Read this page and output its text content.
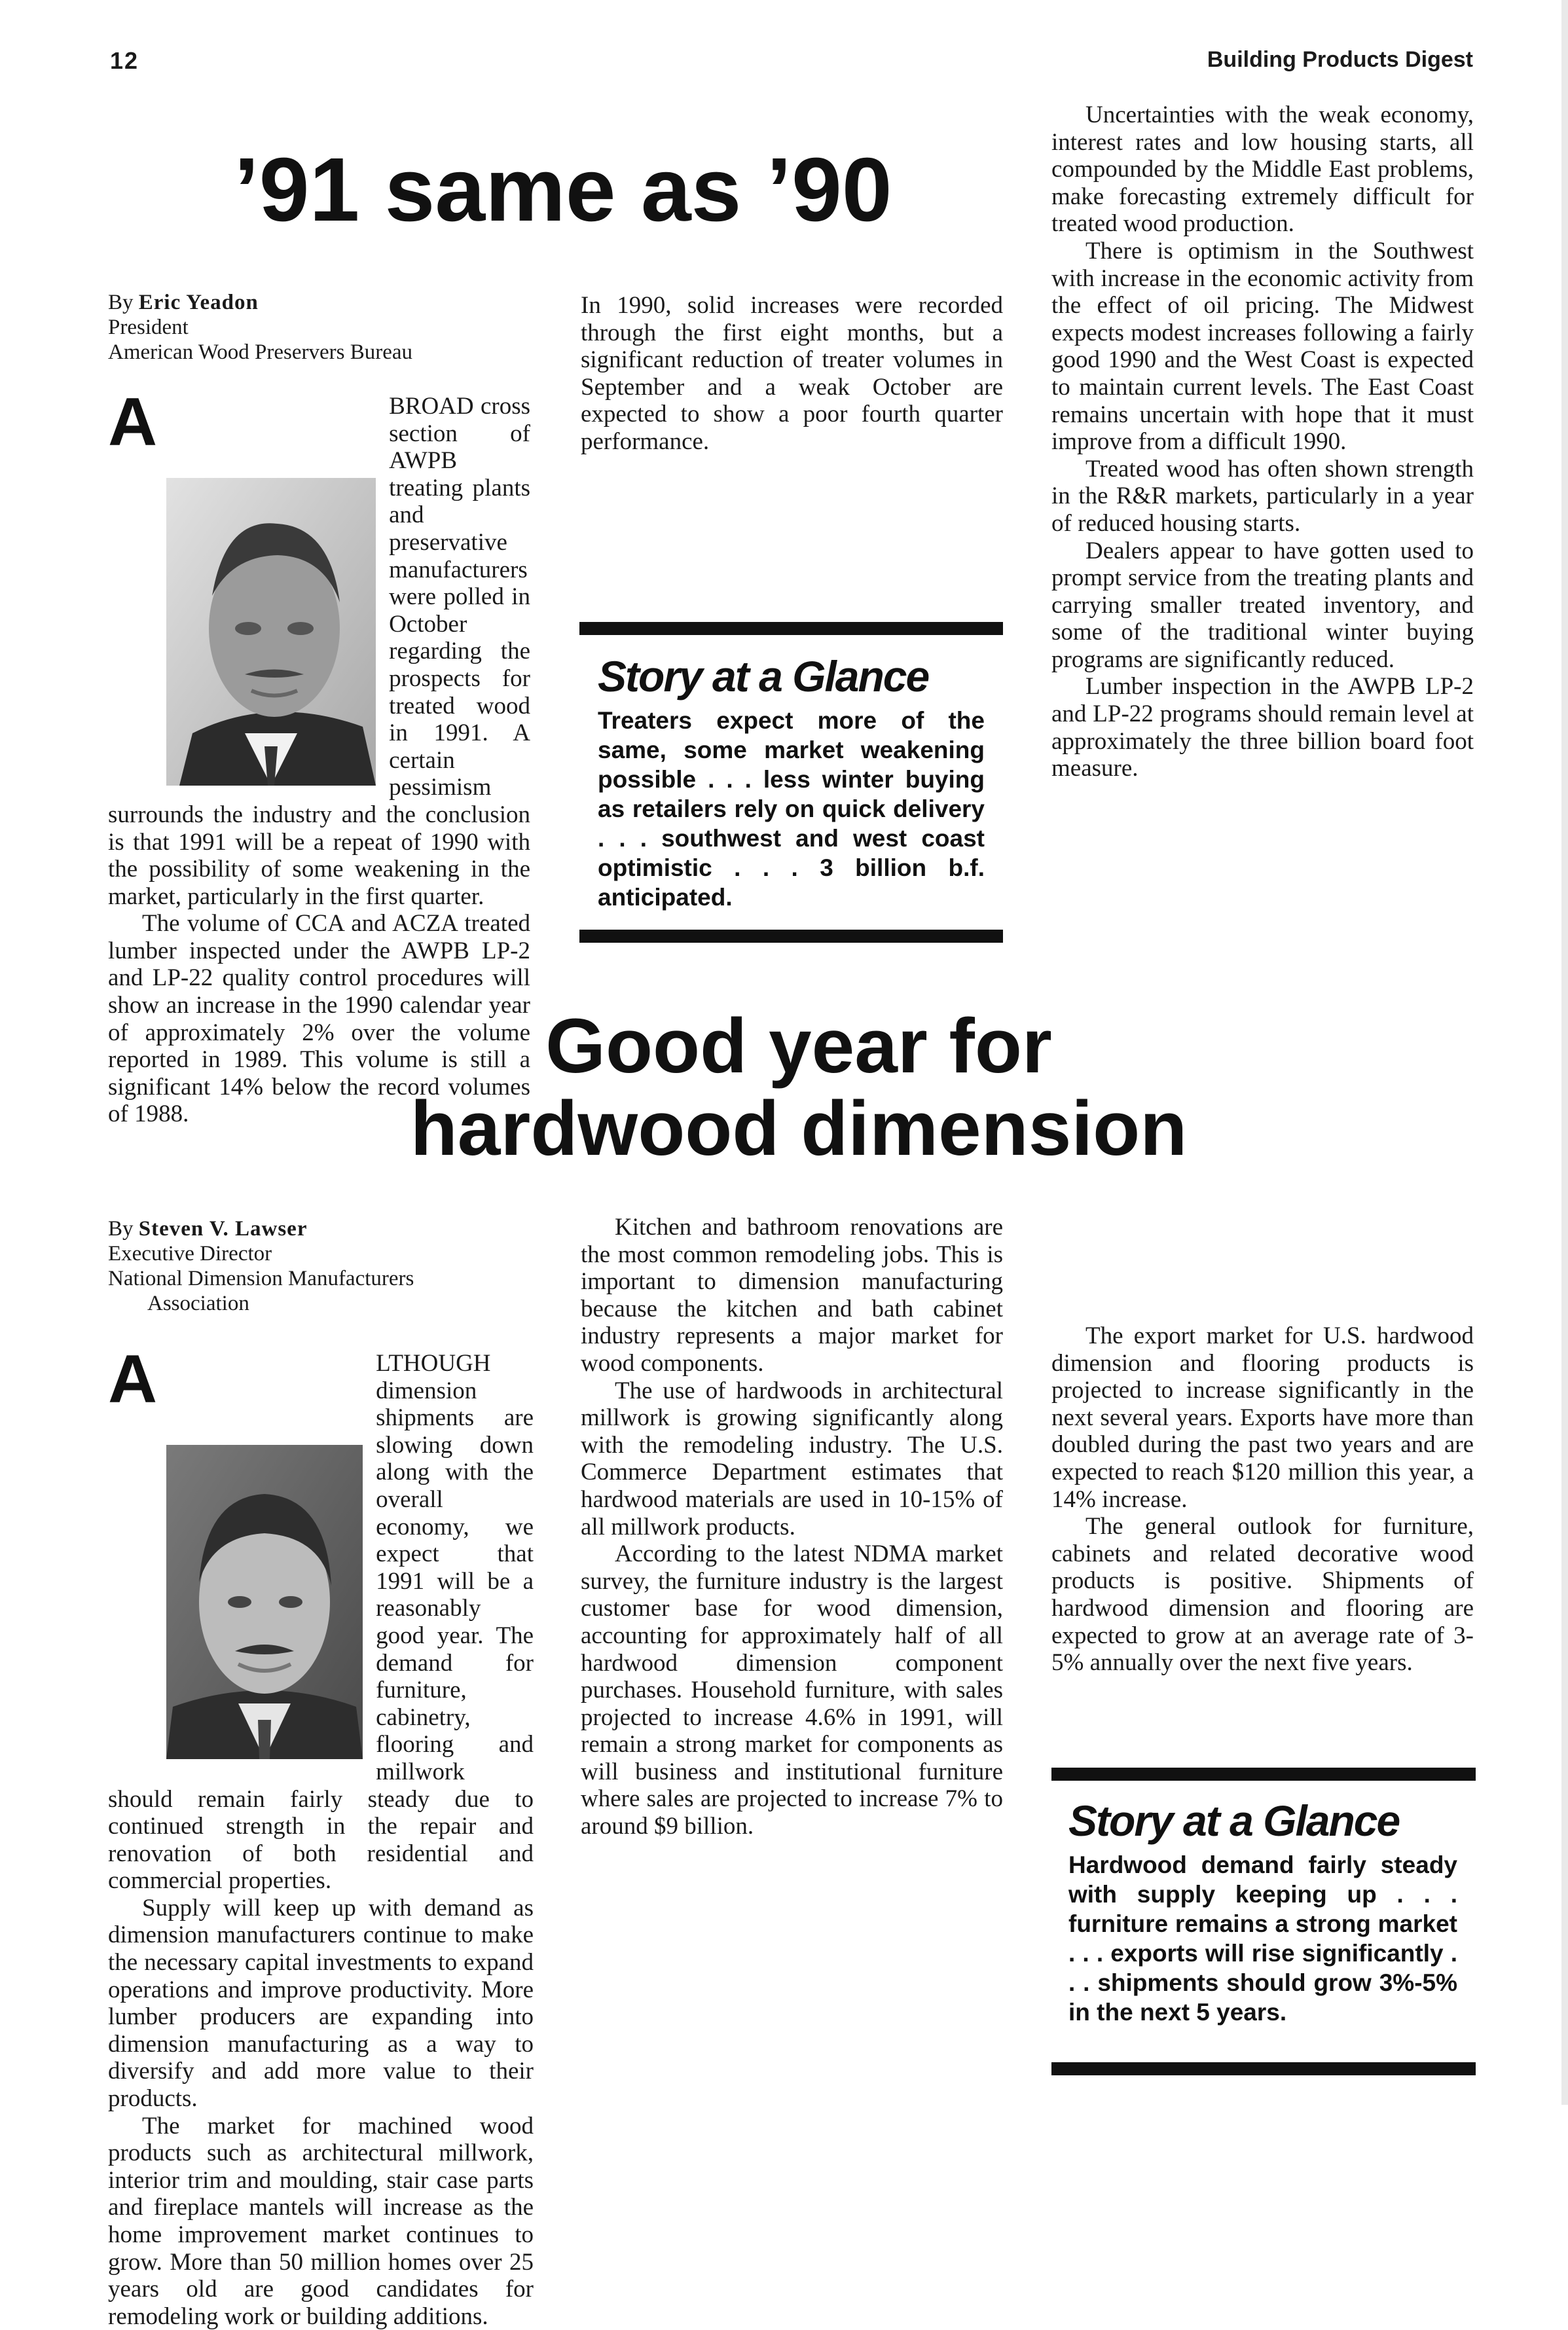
12	Building Products Digest
’91 same as ’90
By Eric Yeadon
President
American Wood Preservers Bureau

A	BROAD cross section of AWPB treating plants and preservative manufacturers were polled in October regarding the prospects for treated wood in 1991. A certain pessimism surrounds the industry and the conclusion is that 1991 will be a repeat of 1990 with the possibility of some weakening in the market, particularly in the first quarter.

The volume of CCA and ACZA treated lumber inspected under the AWPB LP-2 and LP-22 quality control procedures will show an increase in the 1990 calendar year of approximately 2% over the volume reported in 1989. This volume is still a significant 14% below the record volumes of 1988.

In 1990, solid increases were recorded through the first eight months, but a significant reduction of treater volumes in September and a weak October are expected to show a poor fourth quarter performance.

Story at a Glance
Treaters expect more of the same, some market weakening possible . . . less winter buying as retailers rely on quick delivery . . . southwest and west coast optimistic . . . 3 billion b.f. anticipated.

Uncertainties with the weak economy, interest rates and low housing starts, all compounded by the Middle East problems, make forecasting extremely difficult for treated wood production.

There is optimism in the Southwest with increase in the economic activity from the effect of oil pricing. The Midwest expects modest increases following a fairly good 1990 and the West Coast is expected to maintain current levels. The East Coast remains uncertain with hope that it must improve from a difficult 1990.

Treated wood has often shown strength in the R&R markets, particularly in a year of reduced housing starts.

Dealers appear to have gotten used to prompt service from the treating plants and carrying smaller treated inventory, and some of the traditional winter buying programs are significantly reduced.

Lumber inspection in the AWPB LP-2 and LP-22 programs should remain level at approximately the three billion board foot measure.

Good year for
hardwood dimension
By Steven V. Lawser
Executive Director
National Dimension Manufacturers
Association

A	LTHOUGH dimension shipments are slowing down along with the overall economy, we expect that 1991 will be a reasonably good year. The demand for furniture, cabinetry, flooring and millwork should remain fairly steady due to continued strength in the repair and renovation of both residential and commercial properties.

Supply will keep up with demand as dimension manufacturers continue to make the necessary capital investments to expand operations and improve productivity. More lumber producers are expanding into dimension manufacturing as a way to diversify and add more value to their products.

The market for machined wood products such as architectural millwork, interior trim and moulding, stair case parts and fireplace mantels will increase as the home improvement market continues to grow. More than 50 million homes over 25 years old are good candidates for remodeling work or building additions.

Kitchen and bathroom renovations are the most common remodeling jobs. This is important to dimension manufacturing because the kitchen and bath cabinet industry represents a major market for wood components.

The use of hardwoods in architectural millwork is growing significantly along with the remodeling industry. The U.S. Commerce Department estimates that hardwood materials are used in 10-15% of all millwork products.

According to the latest NDMA market survey, the furniture industry is the largest customer base for wood dimension, accounting for approximately half of all hardwood dimension component purchases. Household furniture, with sales projected to increase 4.6% in 1991, will remain a strong market for components as will business and institutional furniture where sales are projected to increase 7% to around $9 billion.

The export market for U.S. hardwood dimension and flooring products is projected to increase significantly in the next several years. Exports have more than doubled during the past two years and are expected to reach $120 million this year, a 14% increase.

The general outlook for furniture, cabinets and related decorative wood products is positive. Shipments of hardwood dimension and flooring are expected to grow at an average rate of 3-5% annually over the next five years.

Story at a Glance
Hardwood demand fairly steady with supply keeping up . . . furniture remains a strong market . . . exports will rise significantly . . . shipments should grow 3%-5% in the next 5 years.
